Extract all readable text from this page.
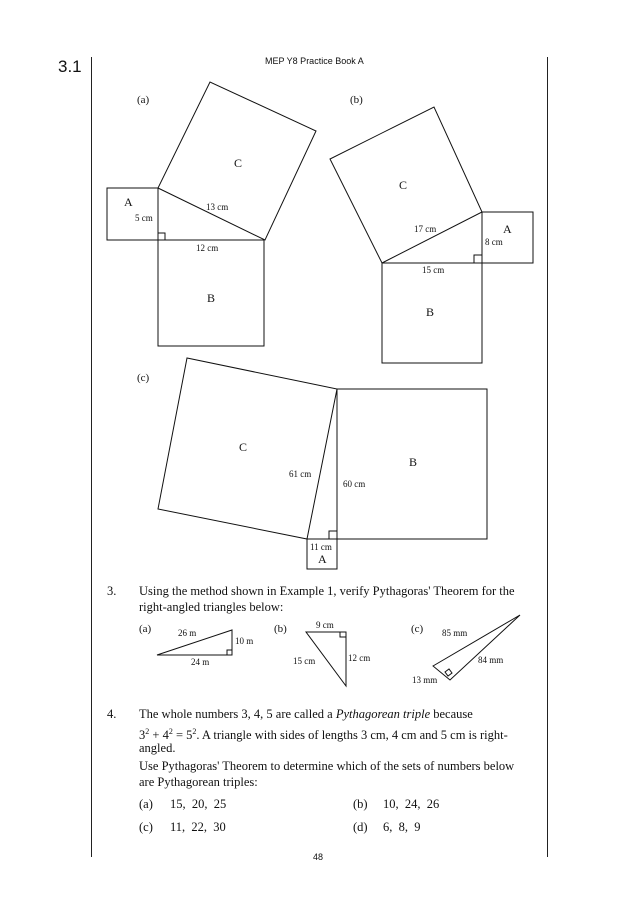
3.1	MEP Y8 Practice Book A
(a)
A
5 cm
13 cm
12 cm
C
B
(b)
C
17 cm	A
8 cm
15 cm
B
(c)
C
B
61 cm
60 cm
11 cm
A
3. Using the method shown in Example 1, verify Pythagoras' Theorem for the
right-angled triangles below:
(a)	26 m
10 m
24 m
(b)	9 cm
15 cm	12 cm
(c) 85 mm
84 mm
13 mm
4. The whole numbers 3, 4, 5 are called a Pythagorean triple because
$3^2 + 4^2 = 5^2$. A triangle with sides of lengths 3 cm, 4 cm and 5 cm is right-
angled.
Use Pythagoras' Theorem to determine which of the sets of numbers below
are Pythagorean triples:
(a) 15,  20,  25	(b) 10,  24,  26
(c) 11,  22,  30	(d) 6,  8,  9
48
